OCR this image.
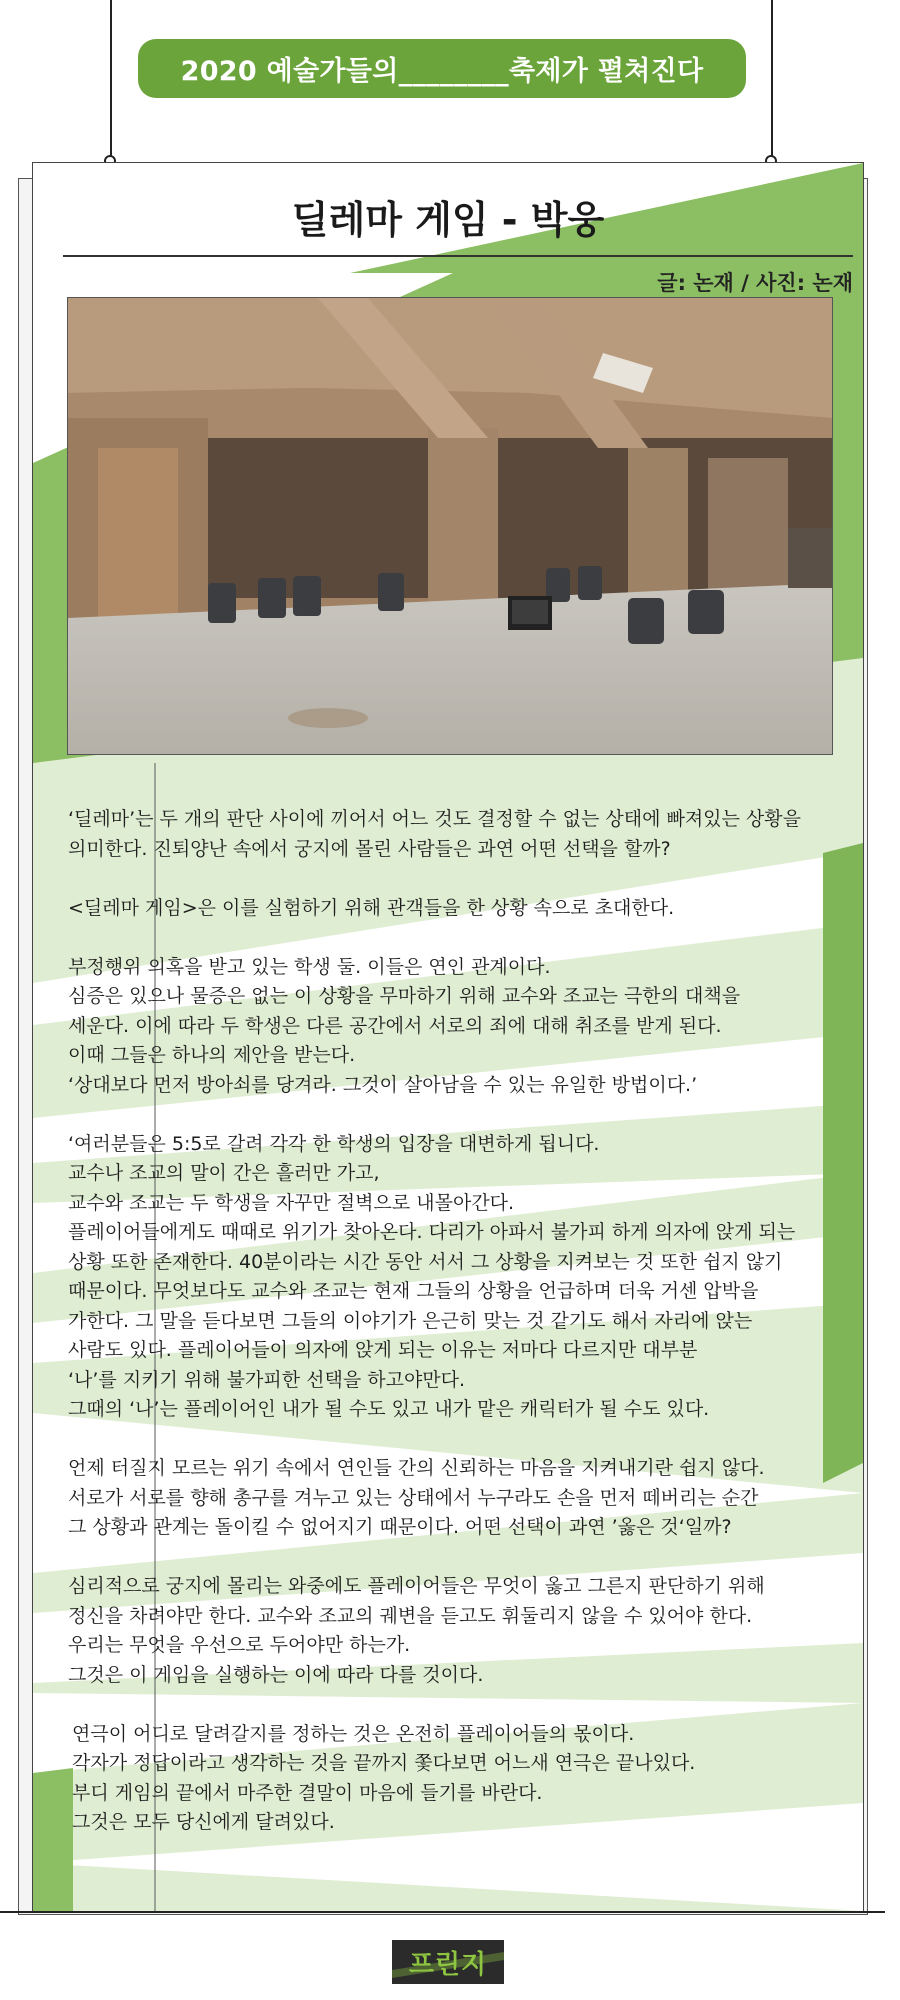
2020 예술가들의________축제가 펼쳐진다
딜레마 게임 - 박웅
글: 논재 / 사진: 논재

‘딜레마’는 두 개의 판단 사이에 끼어서 어느 것도 결정할 수 없는 상태에 빠져있는 상황을
의미한다. 진퇴양난 속에서 궁지에 몰린 사람들은 과연 어떤 선택을 할까?

<딜레마 게임>은 이를 실험하기 위해 관객들을 한 상황 속으로 초대한다.

부정행위 의혹을 받고 있는 학생 둘. 이들은 연인 관계이다.
심증은 있으나 물증은 없는 이 상황을 무마하기 위해 교수와 조교는 극한의 대책을
세운다. 이에 따라 두 학생은 다른 공간에서 서로의 죄에 대해 취조를 받게 된다.
이때 그들은 하나의 제안을 받는다.
‘상대보다 먼저 방아쇠를 당겨라. 그것이 살아남을 수 있는 유일한 방법이다.’

‘여러분들은 5:5로 갈려 각각 한 학생의 입장을 대변하게 됩니다.
교수나 조교의 말이 간은 흘러만 가고,
교수와 조교는 두 학생을 자꾸만 절벽으로 내몰아간다.
플레이어들에게도 때때로 위기가 찾아온다. 다리가 아파서 불가피 하게 의자에 앉게 되는
상황 또한 존재한다. 40분이라는 시간 동안 서서 그 상황을 지켜보는 것 또한 쉽지 않기
때문이다. 무엇보다도 교수와 조교는 현재 그들의 상황을 언급하며 더욱 거센 압박을
가한다. 그 말을 듣다보면 그들의 이야기가 은근히 맞는 것 같기도 해서 자리에 앉는
사람도 있다. 플레이어들이 의자에 앉게 되는 이유는 저마다 다르지만 대부분
‘나’를 지키기 위해 불가피한 선택을 하고야만다.
그때의 ‘나’는 플레이어인 내가 될 수도 있고 내가 맡은 캐릭터가 될 수도 있다.

언제 터질지 모르는 위기 속에서 연인들 간의 신뢰하는 마음을 지켜내기란 쉽지 않다.
서로가 서로를 향해 총구를 겨누고 있는 상태에서 누구라도 손을 먼저 떼버리는 순간
그 상황과 관계는 돌이킬 수 없어지기 때문이다. 어떤 선택이 과연 ’옳은 것‘일까?

심리적으로 궁지에 몰리는 와중에도 플레이어들은 무엇이 옳고 그른지 판단하기 위해
정신을 차려야만 한다. 교수와 조교의 궤변을 듣고도 휘둘리지 않을 수 있어야 한다.
우리는 무엇을 우선으로 두어야만 하는가.
그것은 이 게임을 실행하는 이에 따라 다를 것이다.

연극이 어디로 달려갈지를 정하는 것은 온전히 플레이어들의 몫이다.
각자가 정답이라고 생각하는 것을 끝까지 쫓다보면 어느새 연극은 끝나있다.
부디 게임의 끝에서 마주한 결말이 마음에 들기를 바란다.
그것은 모두 당신에게 달려있다.

프린지
